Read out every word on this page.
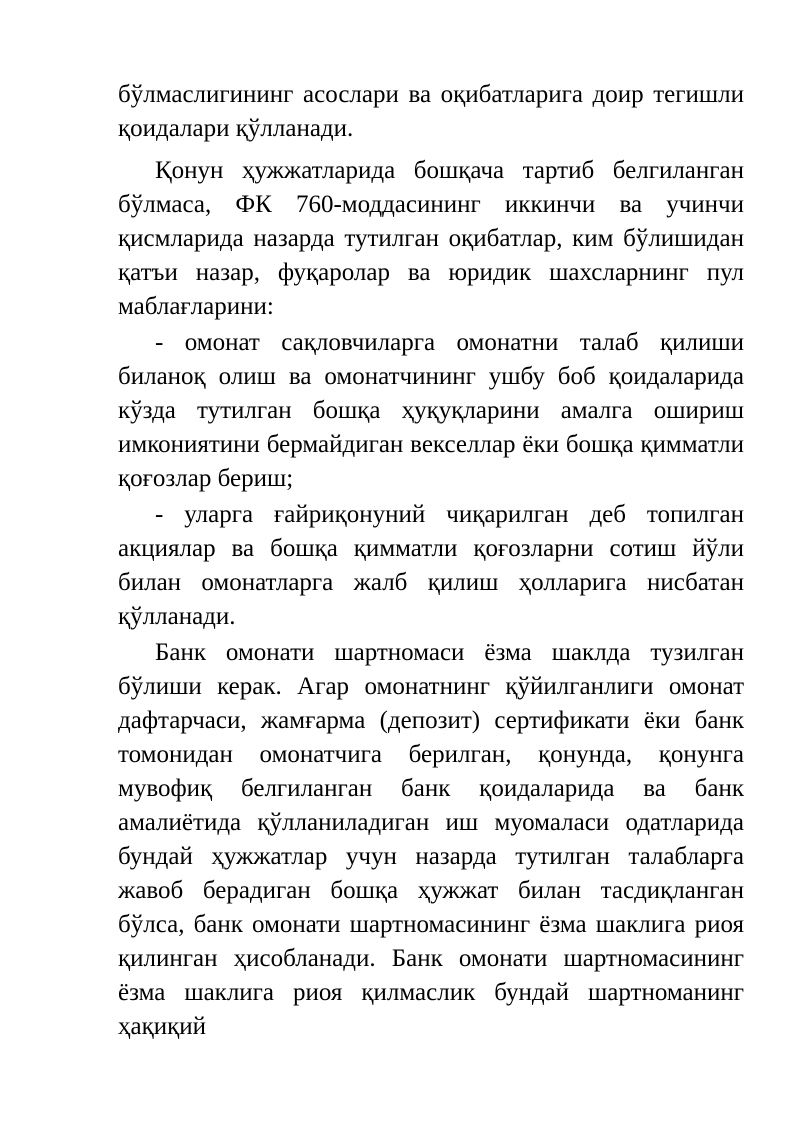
бўлмаслигининг асослари ва оқибатларига доир тегишли қоидалари қўлланади.

Қонун ҳужжатларида бошқача тартиб белгиланган бўлмаса, ФК 760-моддасининг иккинчи ва учинчи қисмларида назарда тутилган оқибатлар, ким бўлишидан қатъи назар, фуқаролар ва юридик шахсларнинг пул маблағларини:

- омонат сақловчиларга омонатни талаб қилиши биланоқ олиш ва омонатчининг ушбу боб қоидаларида кўзда тутилган бошқа ҳуқуқларини амалга ошириш имкониятини бермайдиган векселлар ёки бошқа қимматли қоғозлар бериш;

- уларга ғайриқонуний чиқарилган деб топилган акциялар ва бошқа қимматли қоғозларни сотиш йўли билан омонатларга жалб қилиш ҳолларига нисбатан қўлланади.

Банк омонати шартномаси ёзма шаклда тузилган бўлиши керак. Агар омонатнинг қўйилганлиги омонат дафтарчаси, жамғарма (депозит) сертификати ёки банк томонидан омонатчига берилган, қонунда, қонунга мувофиқ белгиланган банк қоидаларида ва банк амалиётида қўлланиладиган иш муомаласи одатларида бундай ҳужжатлар учун назарда тутилган талабларга жавоб берадиган бошқа ҳужжат билан тасдиқланган бўлса, банк омонати шартномасининг ёзма шаклига риоя қилинган ҳисобланади. Банк омонати шартномасининг ёзма шаклига риоя қилмаслик бундай шартноманинг ҳақиқий
